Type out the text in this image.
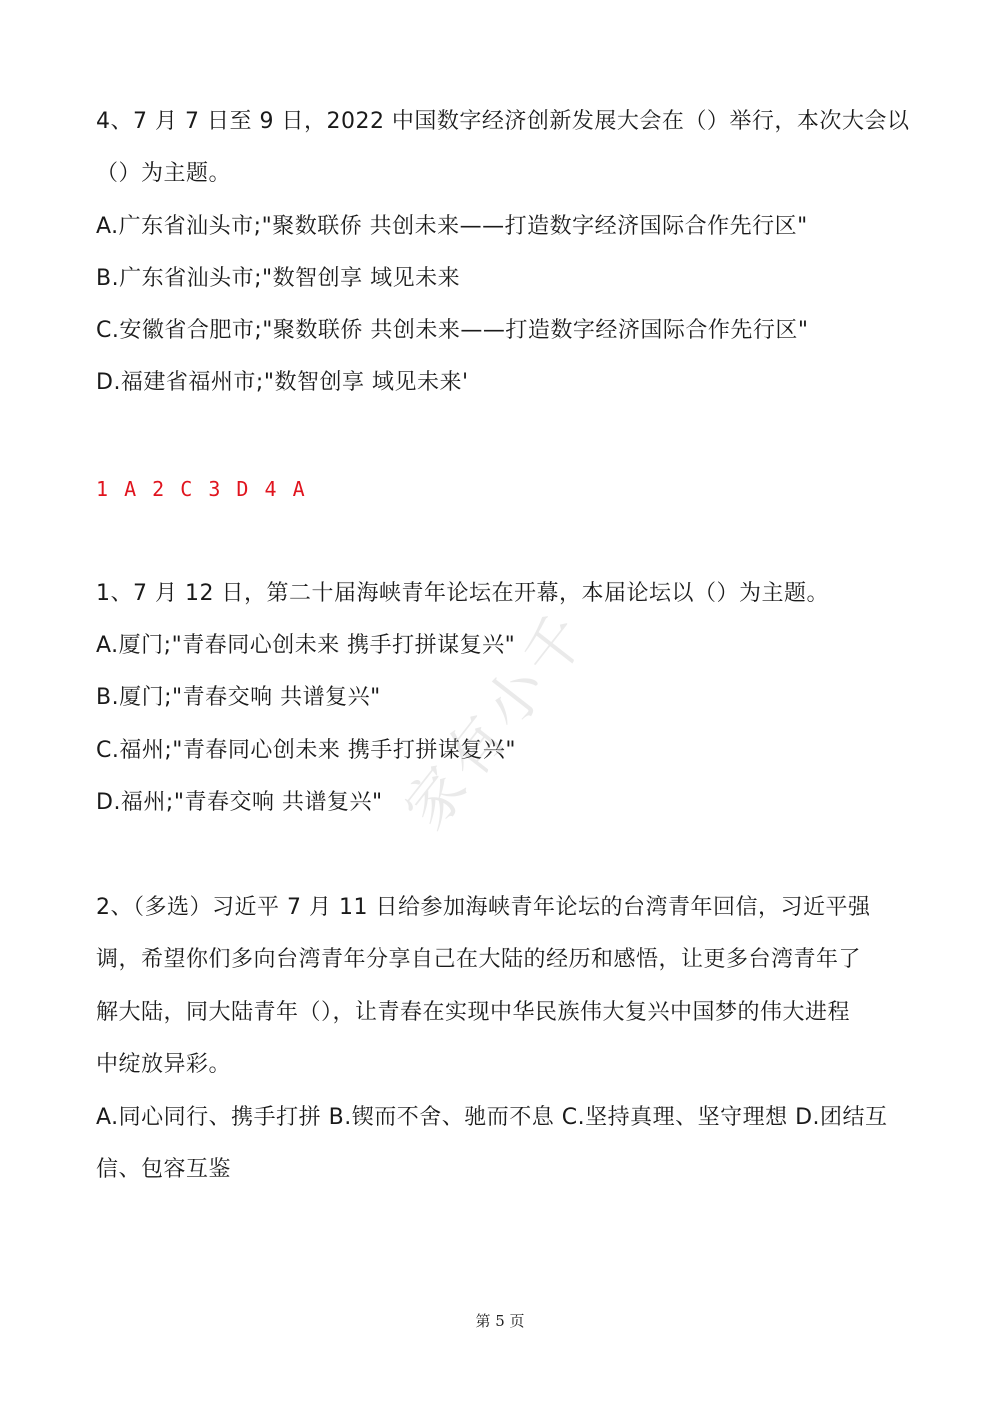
4、7 月 7 日至 9 日，2022 中国数字经济创新发展大会在（）举行，本次大会以
（）为主题。
A.广东省汕头市;"聚数联侨 共创未来——打造数字经济国际合作先行区"
B.广东省汕头市;"数智创享 域见未来
C.安徽省合肥市;"聚数联侨 共创未来——打造数字经济国际合作先行区"
D.福建省福州市;"数智创享 域见未来'
1 A 2 C 3 D 4 A
1、7 月 12 日，第二十届海峡青年论坛在开幕，本届论坛以（）为主题。
A.厦门;"青春同心创未来 携手打拼谋复兴"
B.厦门;"青春交响 共谱复兴"
C.福州;"青春同心创未来 携手打拼谋复兴"
D.福州;"青春交响 共谱复兴"
2、（多选）习近平 7 月 11 日给参加海峡青年论坛的台湾青年回信，习近平强
调，希望你们多向台湾青年分享自己在大陆的经历和感悟，让更多台湾青年了
解大陆，同大陆青年（），让青春在实现中华民族伟大复兴中国梦的伟大进程
中绽放异彩。
A.同心同行、携手打拼 B.锲而不舍、驰而不息 C.坚持真理、坚守理想 D.团结互
信、包容互鉴
家有小千
第 5 页
